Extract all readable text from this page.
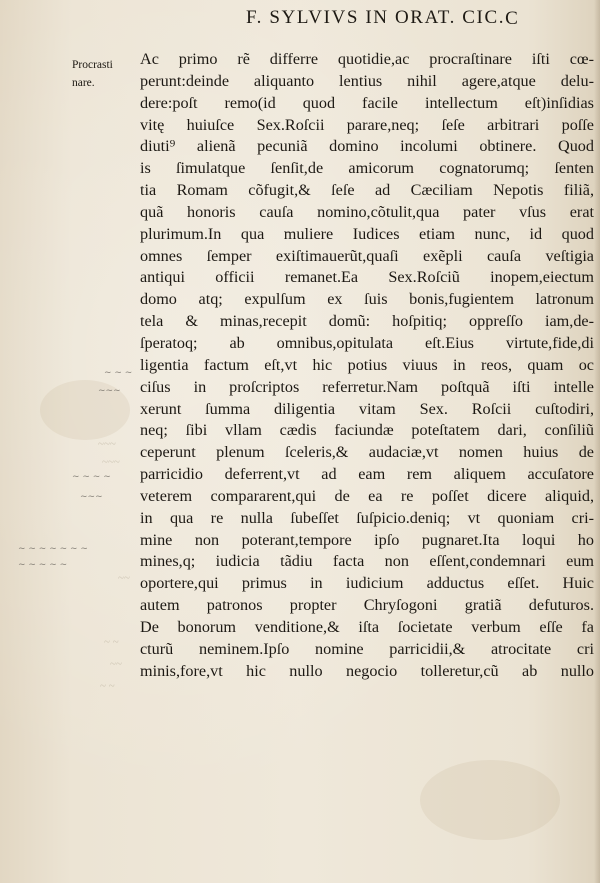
F. SYLVIVS IN ORAT. CIC.C

Procrasti
nare.

~ ~ ~
~~~
~ ~ ~ ~
~~~
~ ~ ~ ~ ~ ~ ~
~ ~ ~ ~ ~
~~~
~~~
~~
~ ~
~~
~ ~
Ac primo rẽ differre quotidie,ac procraſtinare iſti cœ-
perunt:deinde aliquanto lentius nihil agere,atque delu-
dere:poſt remo(id quod facile intellectum eſt)inſidias
vitę huiuſce Sex.Roſcii parare,neq; ſeſe arbitrari poſſe
diuti⁹ alienã pecuniã domino incolumi obtinere. Quod
is ſimulatque ſenſit,de amicorum cognatorumq; ſenten
tia Romam cõfugit,& ſeſe ad Cæciliam Nepotis filiã,
quã honoris cauſa nomino,cõtulit,qua pater vſus erat
plurimum.In qua muliere Iudices etiam nunc, id quod
omnes ſemper exiſtimauerũt,quaſi exẽpli cauſa veſtigia
antiqui officii remanet.Ea Sex.Roſciũ inopem,eiectum
domo atq; expulſum ex ſuis bonis,fugientem latronum
tela & minas,recepit domũ: hoſpitiq; oppreſſo iam,de-
ſperatoq; ab omnibus,opitulata eſt.Eius virtute,fide,di
ligentia factum eſt,vt hic potius viuus in reos, quam oc
ciſus in proſcriptos referretur.Nam poſtquã iſti intelle
xerunt ſumma diligentia vitam Sex. Roſcii cuſtodiri,
neq; ſibi vllam cædis faciundæ poteſtatem dari, conſiliũ
ceperunt plenum ſceleris,& audaciæ,vt nomen huius de
parricidio deferrent,vt ad eam rem aliquem accuſatore
veterem compararent,qui de ea re poſſet dicere aliquid,
in qua re nulla ſubeſſet ſuſpicio.deniq; vt quoniam cri-
mine non poterant,tempore ipſo pugnaret.Ita loqui ho
mines,q; iudicia tãdiu facta non eſſent,condemnari eum
oportere,qui primus in iudicium adductus eſſet. Huic
autem patronos propter Chryſogoni gratiã defuturos.
De bonorum venditione,& iſta ſocietate verbum eſſe fa
cturũ neminem.Ipſo nomine parricidii,& atrocitate cri
minis,fore,vt hic nullo negocio tolleretur,cũ ab nullo
